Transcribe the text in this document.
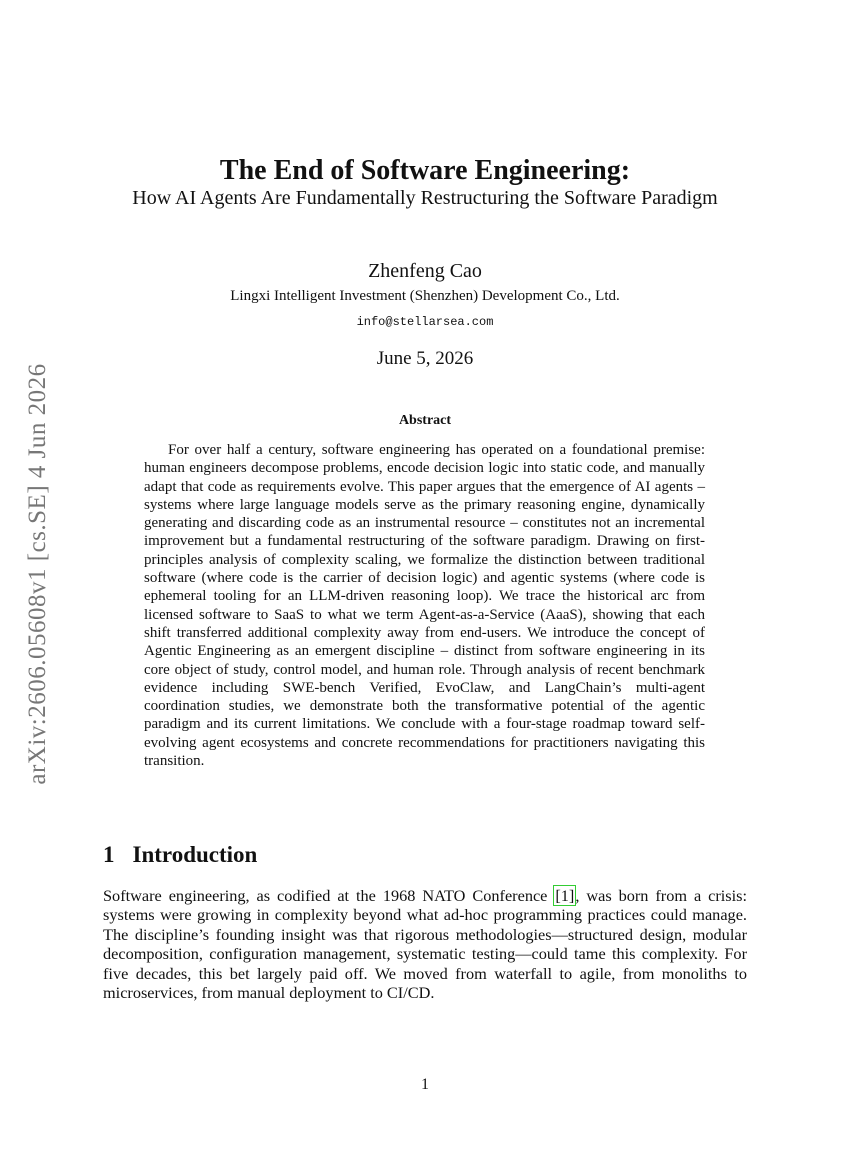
arXiv:2606.05608v1 [cs.SE] 4 Jun 2026
The End of Software Engineering:
How AI Agents Are Fundamentally Restructuring the Software Paradigm
Zhenfeng Cao
Lingxi Intelligent Investment (Shenzhen) Development Co., Ltd.
info@stellarsea.com
June 5, 2026
Abstract

For over half a century, software engineering has operated on a foundational premise: human engineers decompose problems, encode decision logic into static code, and manually adapt that code as requirements evolve. This paper argues that the emergence of AI agents – systems where large language models serve as the primary reasoning engine, dynamically generating and discarding code as an instrumental resource – constitutes not an incremental improvement but a fundamental restructuring of the software paradigm. Drawing on first-principles analysis of complexity scaling, we formalize the distinction between traditional software (where code is the carrier of decision logic) and agentic systems (where code is ephemeral tooling for an LLM-driven reasoning loop). We trace the historical arc from licensed software to SaaS to what we term Agent-as-a-Service (AaaS), showing that each shift transferred additional complexity away from end-users. We introduce the concept of Agentic Engineering as an emergent discipline – distinct from software engineering in its core object of study, control model, and human role. Through analysis of recent benchmark evidence including SWE-bench Verified, EvoClaw, and LangChain’s multi-agent coordination studies, we demonstrate both the transformative potential of the agentic paradigm and its current limitations. We conclude with a four-stage roadmap toward self-evolving agent ecosystems and concrete recommendations for practitioners navigating this transition.

1 Introduction

Software engineering, as codified at the 1968 NATO Conference [1], was born from a crisis: systems were growing in complexity beyond what ad-hoc programming practices could manage. The discipline’s founding insight was that rigorous methodologies—structured design, modular decomposition, configuration management, systematic testing—could tame this complexity. For five decades, this bet largely paid off. We moved from waterfall to agile, from monoliths to microservices, from manual deployment to CI/CD.

1
